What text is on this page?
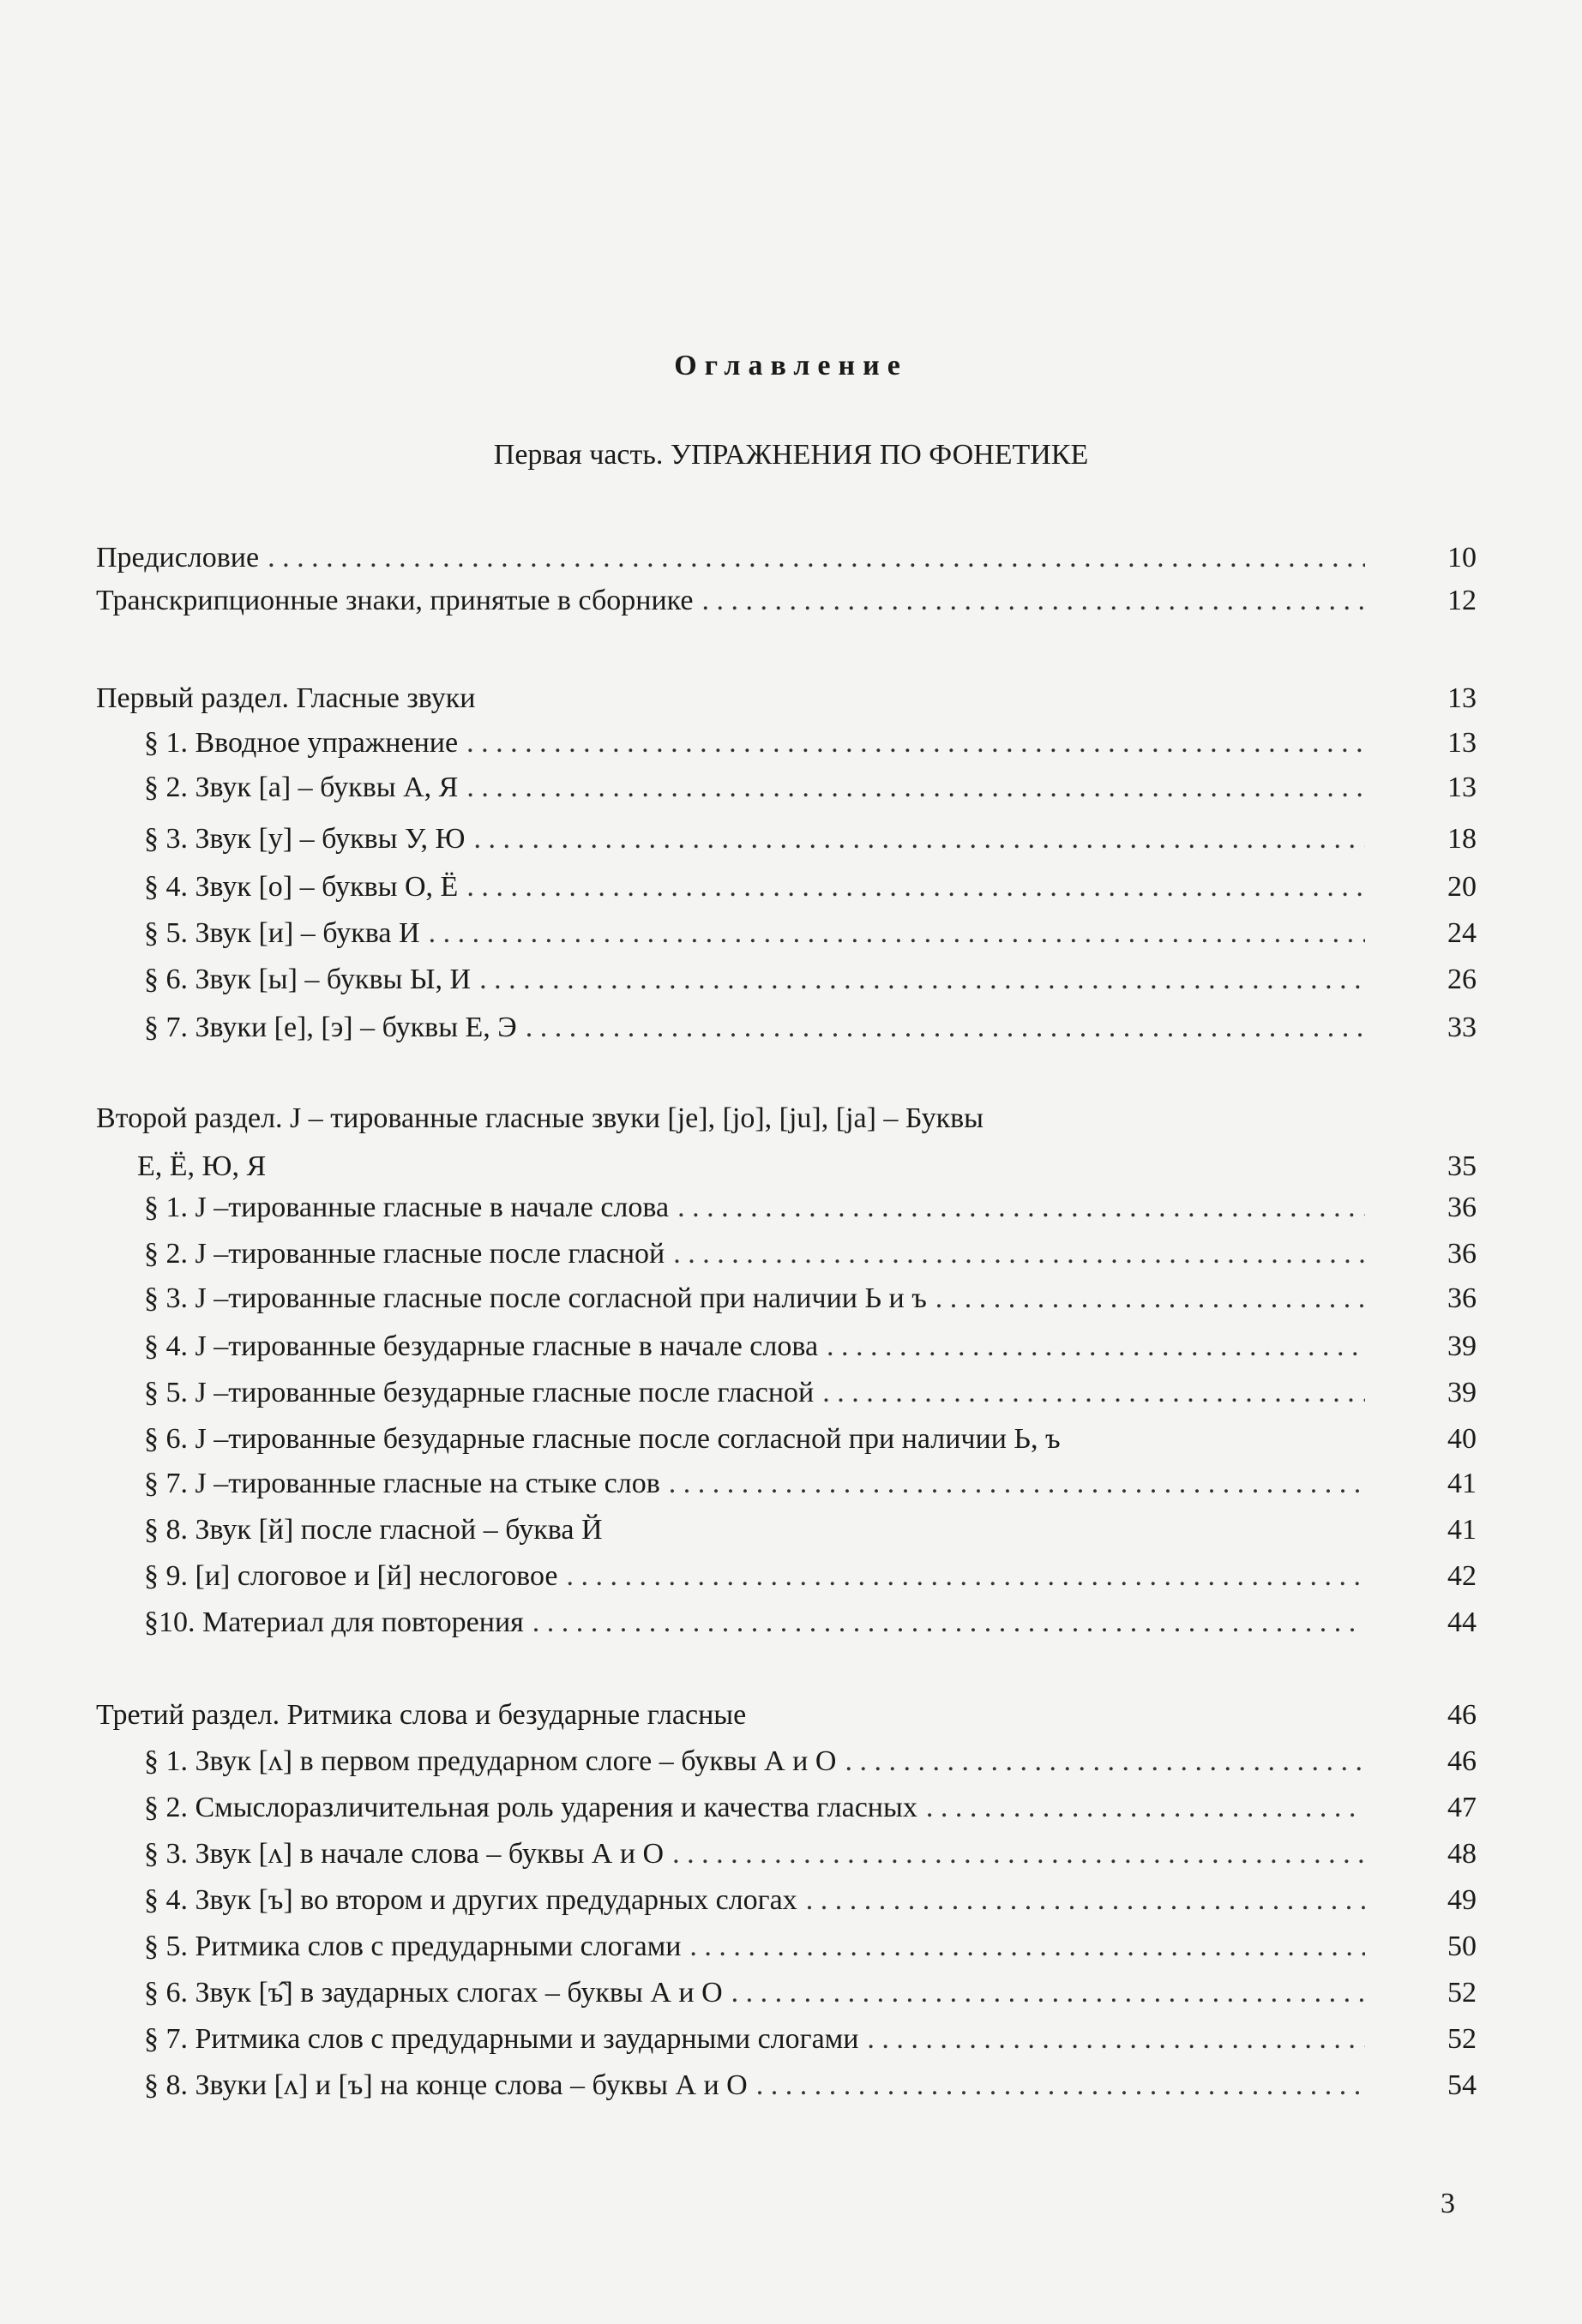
Оглавление
Первая часть. УПРАЖНЕНИЯ ПО ФОНЕТИКЕ
Предисловие . . .	10
Транскрипционные знаки, принятые в сборнике . . .	12
Первый раздел. Гласные звуки	13
§ 1. Вводное упражнение . . .	13
§ 2. Звук [а] – буквы А, Я . . .	13
§ 3. Звук [у] – буквы У, Ю . . .	18
§ 4. Звук [о] – буквы О, Ё . . .	20
§ 5. Звук [и] – буква И . . .	24
§ 6. Звук [ы] – буквы Ы, И . . .	26
§ 7. Звуки [е], [э] – буквы Е, Э . . .	33
Второй раздел. J – тированные гласные звуки [je], [jo], [ju], [ja] – Буквы
Е, Ё, Ю, Я	35
§ 1. J –тированные гласные в начале слова . . .	36
§ 2. J –тированные гласные после гласной . . .	36
§ 3. J –тированные гласные после согласной при наличии Ь и ъ . . .	36
§ 4. J –тированные безударные гласные в начале слова . . .	39
§ 5. J –тированные безударные гласные после гласной . . .	39
§ 6. J –тированные безударные гласные после согласной при наличии Ь, ъ	40
§ 7. J –тированные гласные на стыке слов . . .	41
§ 8. Звук [й] после гласной – буква Й	41
§ 9. [и] слоговое и [й] неслоговое . . .	42
§10. Материал для повторения . . .	44
Третий раздел. Ритмика слова и безударные гласные	46
§ 1. Звук [ʌ] в первом предударном слоге – буквы А и О . . .	46
§ 2. Смыслоразличительная роль ударения и качества гласных . . .	47
§ 3. Звук [ʌ] в начале слова – буквы А и О . . .	48
§ 4. Звук [ъ] во втором и других предударных слогах . . .	49
§ 5. Ритмика слов с предударными слогами . . .	50
§ 6. Звук [ъ̂] в заударных слогах – буквы А и О . . .	52
§ 7. Ритмика слов с предударными и заударными слогами . . .	52
§ 8. Звуки [ʌ] и [ъ] на конце слова – буквы А и О . . .	54
3
